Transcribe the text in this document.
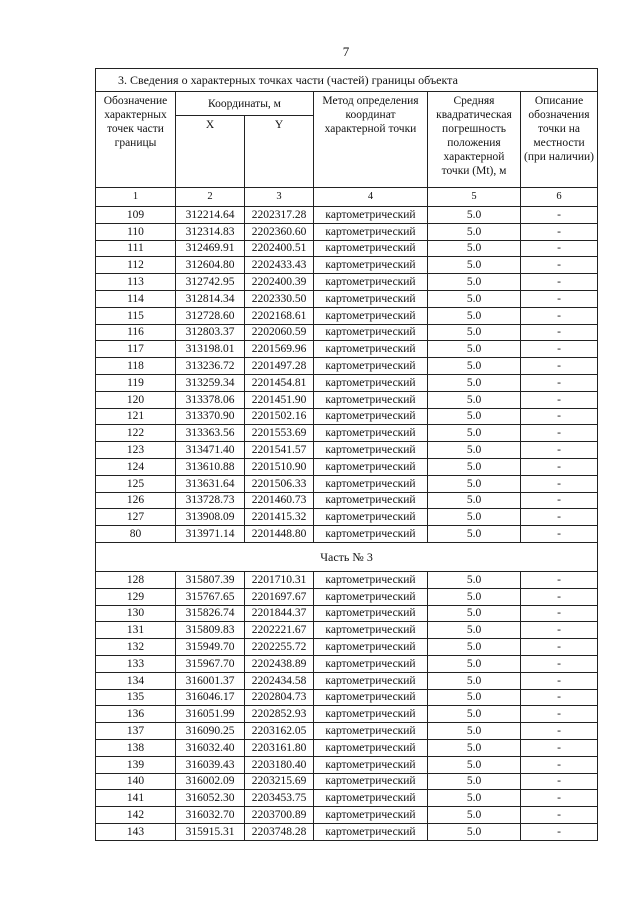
7
3. Сведения о характерных точках части (частей) границы объекта					
Обозначение характерных точек части границы	Координаты, м		Метод определения координат характерной точки	Средняя квадратическая погрешность положения характерной точки (Mt), м	Описание обозначения точки на местности (при наличии)
	X	Y			
1	2	3	4	5	6
109	312214.64	2202317.28	картометрический	5.0	-
110	312314.83	2202360.60	картометрический	5.0	-
111	312469.91	2202400.51	картометрический	5.0	-
112	312604.80	2202433.43	картометрический	5.0	-
113	312742.95	2202400.39	картометрический	5.0	-
114	312814.34	2202330.50	картометрический	5.0	-
115	312728.60	2202168.61	картометрический	5.0	-
116	312803.37	2202060.59	картометрический	5.0	-
117	313198.01	2201569.96	картометрический	5.0	-
118	313236.72	2201497.28	картометрический	5.0	-
119	313259.34	2201454.81	картометрический	5.0	-
120	313378.06	2201451.90	картометрический	5.0	-
121	313370.90	2201502.16	картометрический	5.0	-
122	313363.56	2201553.69	картометрический	5.0	-
123	313471.40	2201541.57	картометрический	5.0	-
124	313610.88	2201510.90	картометрический	5.0	-
125	313631.64	2201506.33	картометрический	5.0	-
126	313728.73	2201460.73	картометрический	5.0	-
127	313908.09	2201415.32	картометрический	5.0	-
80	313971.14	2201448.80	картометрический	5.0	-
Часть № 3					
128	315807.39	2201710.31	картометрический	5.0	-
129	315767.65	2201697.67	картометрический	5.0	-
130	315826.74	2201844.37	картометрический	5.0	-
131	315809.83	2202221.67	картометрический	5.0	-
132	315949.70	2202255.72	картометрический	5.0	-
133	315967.70	2202438.89	картометрический	5.0	-
134	316001.37	2202434.58	картометрический	5.0	-
135	316046.17	2202804.73	картометрический	5.0	-
136	316051.99	2202852.93	картометрический	5.0	-
137	316090.25	2203162.05	картометрический	5.0	-
138	316032.40	2203161.80	картометрический	5.0	-
139	316039.43	2203180.40	картометрический	5.0	-
140	316002.09	2203215.69	картометрический	5.0	-
141	316052.30	2203453.75	картометрический	5.0	-
142	316032.70	2203700.89	картометрический	5.0	-
143	315915.31	2203748.28	картометрический	5.0	-
